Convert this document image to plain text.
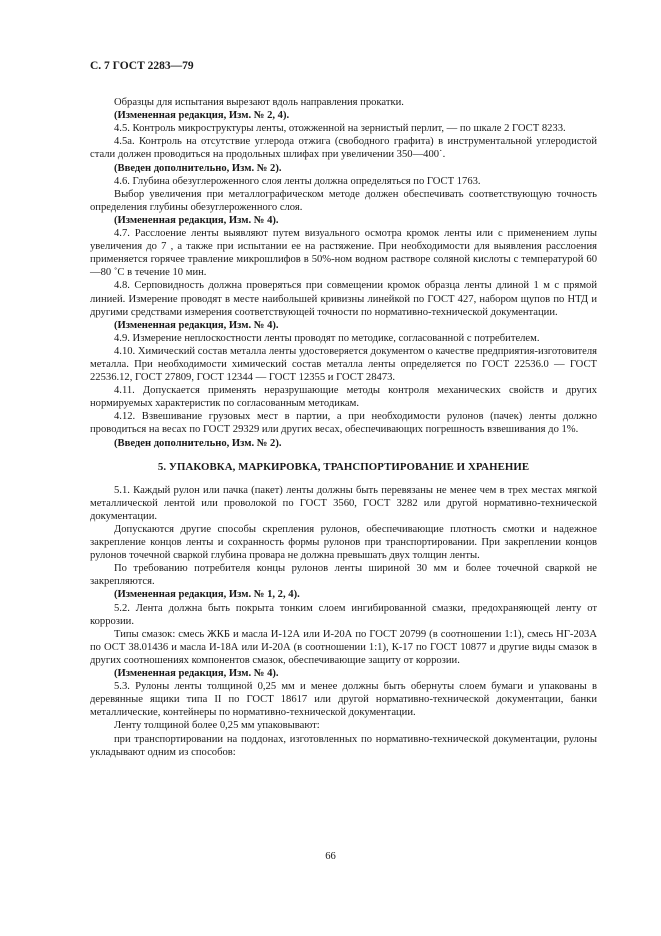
С. 7 ГОСТ 2283—79

Образцы для испытания вырезают вдоль направления прокатки.

(Измененная редакция, Изм. № 2, 4).

4.5. Контроль микроструктуры ленты, отожженной на зернистый перлит, — по шкале 2 ГОСТ 8233.

4.5а. Контроль на отсутствие углерода отжига (свободного графита) в инструментальной углеродистой стали должен проводиться на продольных шлифах при увеличении 350—400˙.

(Введен дополнительно, Изм. № 2).

4.6. Глубина обезуглероженного слоя ленты должна определяться по ГОСТ 1763.

Выбор увеличения при металлографическом методе должен обеспечивать соответствующую точность определения глубины обезуглероженного слоя.

(Измененная редакция, Изм. № 4).

4.7. Расслоение ленты выявляют путем визуального осмотра кромок ленты или с применением лупы увеличения до 7 , а также при испытании ее на растяжение. При необходимости для выявления расслоения применяется горячее травление микрошлифов в 50%-ном водном растворе соляной кислоты с температурой 60—80 ˚С в течение 10 мин.

4.8. Серповидность должна проверяться при совмещении кромок образца ленты длиной 1 м с прямой линией. Измерение проводят в месте наибольшей кривизны линейкой по ГОСТ 427, набором щупов по НТД и другими средствами измерения соответствующей точности по нормативно-технической документации.

(Измененная редакция, Изм. № 4).

4.9. Измерение неплоскостности ленты проводят по методике, согласованной с потребителем.

4.10. Химический состав металла ленты удостоверяется документом о качестве предприятия-изготовителя металла. При необходимости химический состав металла ленты определяется по ГОСТ 22536.0 — ГОСТ 22536.12, ГОСТ 27809, ГОСТ 12344 — ГОСТ 12355 и ГОСТ 28473.

4.11. Допускается применять неразрушающие методы контроля механических свойств и других нормируемых характеристик по согласованным методикам.

4.12. Взвешивание грузовых мест в партии, а при необходимости рулонов (пачек) ленты должно проводиться на весах по ГОСТ 29329 или других весах, обеспечивающих погрешность взвешивания до 1%.

(Введен дополнительно, Изм. № 2).

5. УПАКОВКА, МАРКИРОВКА, ТРАНСПОРТИРОВАНИЕ И ХРАНЕНИЕ

5.1. Каждый рулон или пачка (пакет) ленты должны быть перевязаны не менее чем в трех местах мягкой металлической лентой или проволокой по ГОСТ 3560, ГОСТ 3282 или другой нормативно-технической документации.

Допускаются другие способы скрепления рулонов, обеспечивающие плотность смотки и надежное закрепление концов ленты и сохранность формы рулонов при транспортировании. При закреплении концов рулонов точечной сваркой глубина провара не должна превышать двух толщин ленты.

По требованию потребителя концы рулонов ленты шириной 30 мм и более точечной сваркой не закрепляются.

(Измененная редакция, Изм. № 1, 2, 4).

5.2. Лента должна быть покрыта тонким слоем ингибированной смазки, предохраняющей ленту от коррозии.

Типы смазок: смесь ЖКБ и масла И-12А или И-20А по ГОСТ 20799 (в соотношении 1:1), смесь НГ-203А по ОСТ 38.01436 и масла И-18А или И-20А (в соотношении 1:1), К-17 по ГОСТ 10877 и другие виды смазок в других соотношениях компонентов смазок, обеспечивающие защиту от коррозии.

(Измененная редакция, Изм. № 4).

5.3. Рулоны ленты толщиной 0,25 мм и менее должны быть обернуты слоем бумаги и упакованы в деревянные ящики типа II по ГОСТ 18617 или другой нормативно-технической документации, банки металлические, контейнеры по нормативно-технической документации.

Ленту толщиной более 0,25 мм упаковывают:

при транспортировании на поддонах, изготовленных по нормативно-технической документации, рулоны укладывают одним из способов:

66
